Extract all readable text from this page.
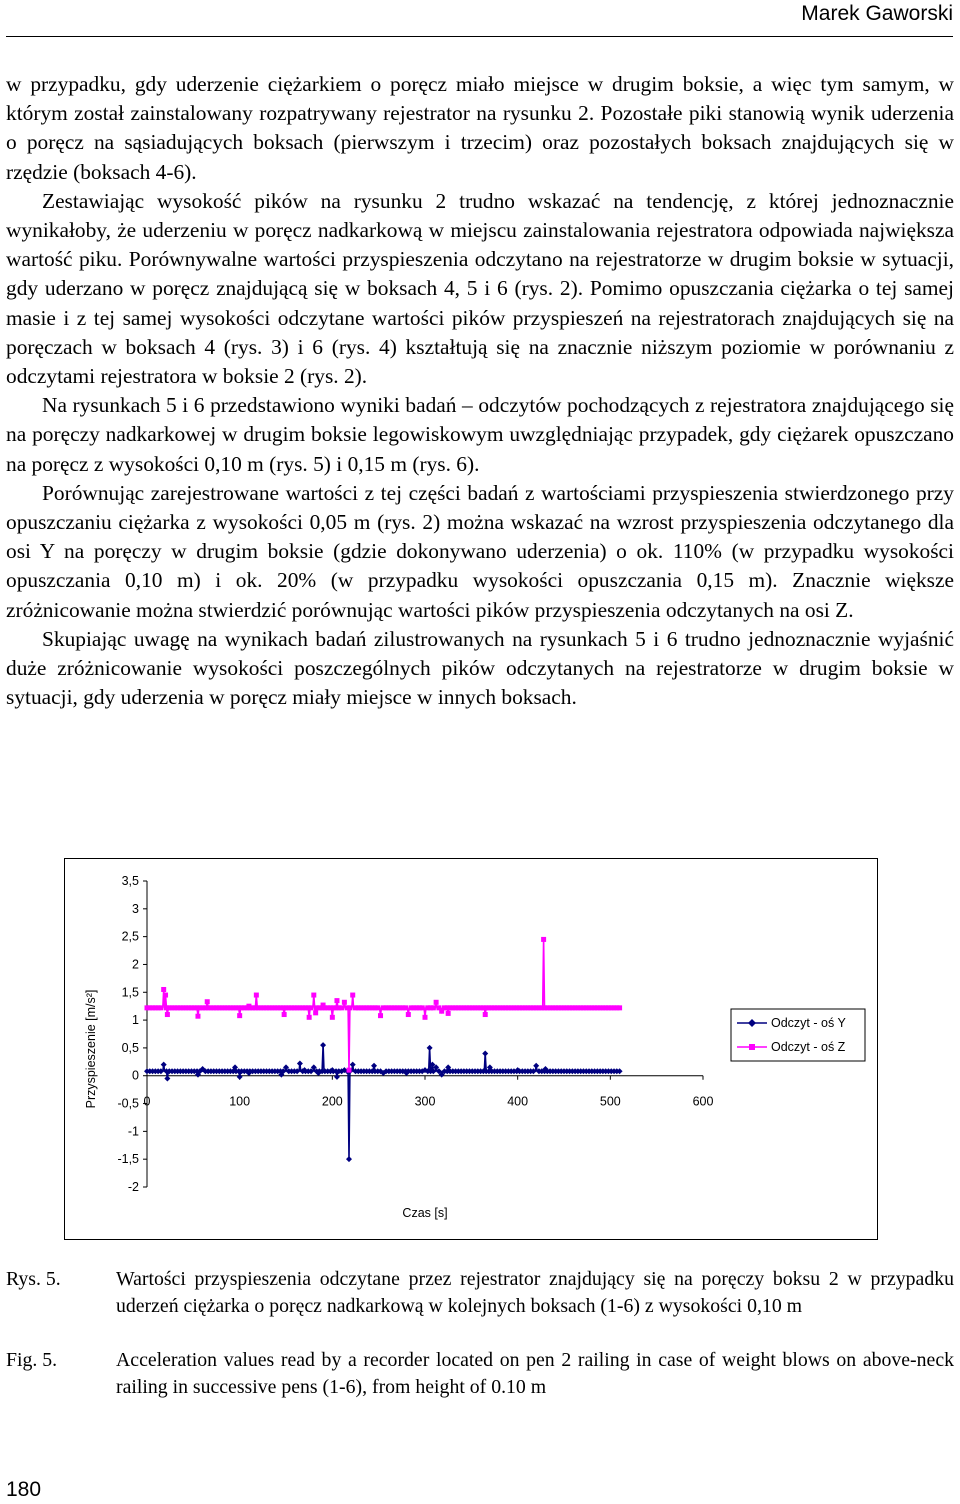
Marek Gaworski

w przypadku, gdy uderzenie ciężarkiem o poręcz miało miejsce w drugim boksie, a więc tym samym, w którym został zainstalowany rozpatrywany rejestrator na rysunku 2. Pozostałe piki stanowią wynik uderzenia o poręcz na sąsiadujących boksach (pierwszym i trzecim) oraz pozostałych boksach znajdujących się w rzędzie (boksach 4-6).

Zestawiając wysokość pików na rysunku 2 trudno wskazać na tendencję, z której jednoznacznie wynikałoby, że uderzeniu w poręcz nadkarkową w miejscu zainstalowania rejestratora odpowiada największa wartość piku. Porównywalne wartości przyspieszenia odczytano na rejestratorze w drugim boksie w sytuacji, gdy uderzano w poręcz znajdującą się w boksach 4, 5 i 6 (rys. 2). Pomimo opuszczania ciężarka o tej samej masie i z tej samej wysokości odczytane wartości pików przyspieszeń na rejestratorach znajdujących się na poręczach w boksach 4 (rys. 3) i 6 (rys. 4) kształtują się na znacznie niższym poziomie w porównaniu z odczytami rejestratora w boksie 2 (rys. 2).

Na rysunkach 5 i 6 przedstawiono wyniki badań – odczytów pochodzących z rejestratora znajdującego się na poręczy nadkarkowej w drugim boksie legowiskowym uwzględniając przypadek, gdy ciężarek opuszczano na poręcz z wysokości 0,10 m (rys. 5) i 0,15 m (rys. 6).

Porównując zarejestrowane wartości z tej części badań z wartościami przyspieszenia stwierdzonego przy opuszczaniu ciężarka z wysokości 0,05 m (rys. 2) można wskazać na wzrost przyspieszenia odczytanego dla osi Y na poręczy w drugim boksie (gdzie dokonywano uderzenia) o ok. 110% (w przypadku wysokości opuszczania 0,10 m) i ok. 20% (w przypadku wysokości opuszczania 0,15 m). Znacznie większe zróżnicowanie można stwierdzić porównując wartości pików przyspieszenia odczytanych na osi Z.

Skupiając uwagę na wynikach badań zilustrowanych na rysunkach 5 i 6 trudno jednoznacznie wyjaśnić duże zróżnicowanie wysokości poszczególnych pików odczytanych na rejestratorze w drugim boksie w sytuacji, gdy uderzenia w poręcz miały miejsce w innych boksach.

3,5
3
2,5
2
1,5
1
0,5
0
-0,5
-1
-1,5
-2
0	100	200	300	400	500	600
Czas [s]
Przyspieszenie [m/s²]	Odczyt - oś Y
Odczyt - oś Z
Rys. 5.	Wartości przyspieszenia odczytane przez rejestrator znajdujący się na poręczy boksu 2 w przypadku uderzeń ciężarka o poręcz nadkarkową w kolejnych boksach (1-6) z wysokości 0,10 m
Fig. 5.	Acceleration values read by a recorder located on pen 2 railing in case of weight blows on above-neck railing in successive pens (1-6), from height of 0.10 m
180
